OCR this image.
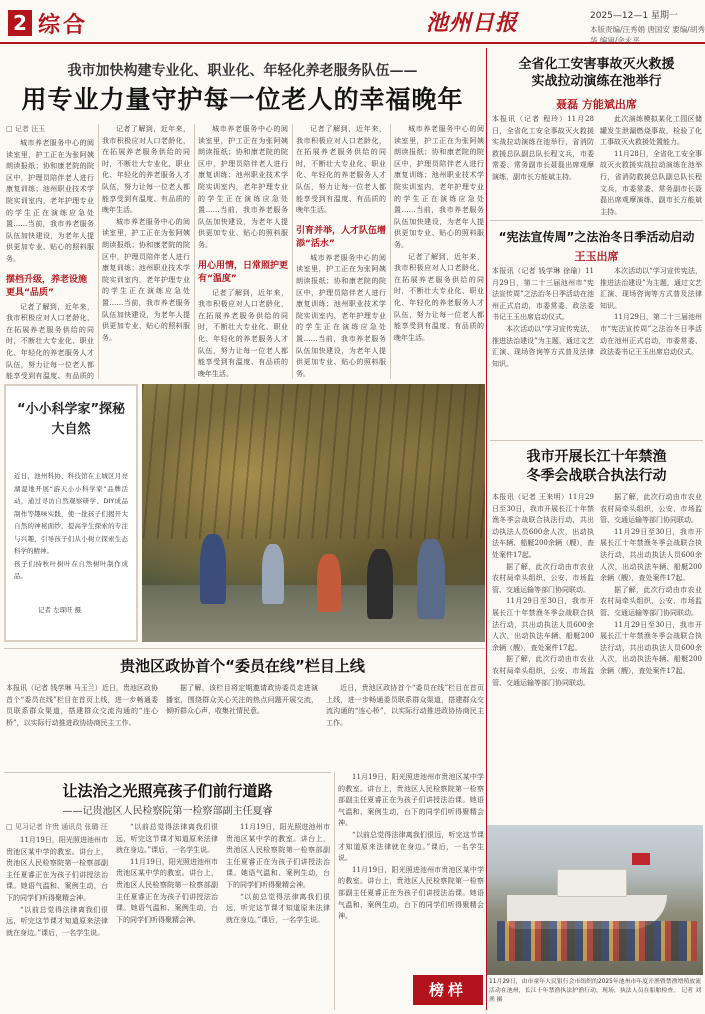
2 综合	池州日报	2025—12—1 星期一
本版责编/汪秀娟 唐国安 要编/胡秀华 编审/余永平
我市加快构建专业化、职业化、年轻化养老服务队伍——
用专业力量守护每一位老人的幸福晚年
□ 记者 汪玉

城市养老服务中心的阅读室里，护工正在为张阿姨朗读报纸；协和康老院的院区中，护理员陪伴老人进行康复训练；池州职业技术学院实训室内，老年护理专业的学生正在演练应急处置……当前，我市养老服务队伍加快建设，为老年人提供更加专业、贴心的照料服务。

摆档升级，养老设施更具“品质”

记者了解到，近年来，我市积极应对人口老龄化，在拓展养老服务供给的同时，不断壮大专业化、职业化、年轻化的养老服务人才队伍，努力让每一位老人都能享受到有温度、有品质的

记者了解到，近年来，我市积极应对人口老龄化，在拓展养老服务供给的同时，不断壮大专业化、职业化、年轻化的养老服务人才队伍，努力让每一位老人都能享受到有温度、有品质的晚年生活。

城市养老服务中心的阅读室里，护工正在为张阿姨朗读报纸；协和康老院的院区中，护理员陪伴老人进行康复训练；池州职业技术学院实训室内，老年护理专业的学生正在演练应急处置……当前，我市养老服务队伍加快建设，为老年人提供更加专业、贴心的照料服务。

城市养老服务中心的阅读室里，护工正在为张阿姨朗读报纸；协和康老院的院区中，护理员陪伴老人进行康复训练；池州职业技术学院实训室内，老年护理专业的学生正在演练应急处置……当前，我市养老服务队伍加快建设，为老年人提供更加专业、贴心的照料服务。

用心用情，日常照护更有“温度”

记者了解到，近年来，我市积极应对人口老龄化，在拓展养老服务供给的同时，不断壮大专业化、职业化、年轻化的养老服务人才队伍，努力让每一位老人都能享受到有温度、有品质的晚年生活。

记者了解到，近年来，我市积极应对人口老龄化，在拓展养老服务供给的同时，不断壮大专业化、职业化、年轻化的养老服务人才队伍，努力让每一位老人都能享受到有温度、有品质的晚年生活。

引育并举，人才队伍增添“活水”

城市养老服务中心的阅读室里，护工正在为张阿姨朗读报纸；协和康老院的院区中，护理员陪伴老人进行康复训练；池州职业技术学院实训室内，老年护理专业的学生正在演练应急处置……当前，我市养老服务队伍加快建设，为老年人提供更加专业、贴心的照料服务。

城市养老服务中心的阅读室里，护工正在为张阿姨朗读报纸；协和康老院的院区中，护理员陪伴老人进行康复训练；池州职业技术学院实训室内，老年护理专业的学生正在演练应急处置……当前，我市养老服务队伍加快建设，为老年人提供更加专业、贴心的照料服务。

记者了解到，近年来，我市积极应对人口老龄化，在拓展养老服务供给的同时，不断壮大专业化、职业化、年轻化的养老服务人才队伍，努力让每一位老人都能享受到有温度、有品质的晚年生活。

“小小科学家”探秘大自然
近日，池州科协、科技馆在主城区月亮湖湿地开展“游天小小科学家”品牌活动，通过寻访自然观察研学、DIY成品制作等趣味实践，使一批孩子们揭开大自然的神秘面纱，提高学生探索的专注与兴趣，引导孩子们从小树立探索生态科学的精神。
孩子们持秋叶树叶在自然树叶制作成品。
记者 左琛旺 摄
贵池区政协首个“委员在线”栏目上线

本报讯（记者 钱学琳 马玉兰）近日，贵池区政协首个“委员在线”栏目在首页上线，进一步畅通委员联系群众渠道，搭建群众交流沟通的“连心桥”，以实际行动推进政协协商民主工作。

据了解，该栏目将定期邀请政协委员走进演播室，围绕群众关心关注的热点问题开展交流，倾听群众心声，收集社情民意。

近日，贵池区政协首个“委员在线”栏目在首页上线，进一步畅通委员联系群众渠道，搭建群众交流沟通的“连心桥”，以实际行动推进政协协商民主工作。

让法治之光照亮孩子们前行道路
——记贵池区人民检察院第一检察部副主任夏睿
□ 见习记者 许贵 通讯员 张璐 汪

11月19日，阳光照进池州市贵池区某中学的教室。讲台上，贵池区人民检察院第一检察部副主任夏睿正在为孩子们讲授法治课。她语气温和、案例生动，台下的同学们听得聚精会神。

“以前总觉得法律离我们很远，听完这节课才知道原来法律就在身边。”课后，一名学生说。

“以前总觉得法律离我们很远，听完这节课才知道原来法律就在身边。”课后，一名学生说。

11月19日，阳光照进池州市贵池区某中学的教室。讲台上，贵池区人民检察院第一检察部副主任夏睿正在为孩子们讲授法治课。她语气温和、案例生动，台下的同学们听得聚精会神。

11月19日，阳光照进池州市贵池区某中学的教室。讲台上，贵池区人民检察院第一检察部副主任夏睿正在为孩子们讲授法治课。她语气温和、案例生动，台下的同学们听得聚精会神。

“以前总觉得法律离我们很远，听完这节课才知道原来法律就在身边。”课后，一名学生说。

11月19日，阳光照进池州市贵池区某中学的教室。讲台上，贵池区人民检察院第一检察部副主任夏睿正在为孩子们讲授法治课。她语气温和、案例生动，台下的同学们听得聚精会神。

“以前总觉得法律离我们很远，听完这节课才知道原来法律就在身边。”课后，一名学生说。

11月19日，阳光照进池州市贵池区某中学的教室。讲台上，贵池区人民检察院第一检察部副主任夏睿正在为孩子们讲授法治课。她语气温和、案例生动，台下的同学们听得聚精会神。

榜样
全省化工安害事故灭火救援
实战拉动演练在池举行
聂磊 方能斌出席

本报讯（记者 程玲）11月28日，全省化工安全事故灭火救援实战拉动演练在池举行，省消防救援总队副总队长程文兵，市委常委、常务副市长聂磊出席观摩演练，副市长方能斌主持。

此次演练模拟某化工园区储罐发生泄漏燃烧事故，检验了化工事故灭火救援处置能力。

11月28日，全省化工安全事故灭火救援实战拉动演练在池举行，省消防救援总队副总队长程文兵，市委常委、常务副市长聂磊出席观摩演练，副市长方能斌主持。

“宪法宣传周”之法治冬日季活动启动
王玉出席

本报讯（记者 钱学琳 徐瑜）11月29日，第二十三届池州市“宪法宣传周”之法治冬日季活动在池州正式启动，市委常委、政法委书记王玉出席启动仪式。

本次活动以“学习宣传宪法，推进法治建设”为主题，通过文艺汇演、现场咨询等方式普及法律知识。

本次活动以“学习宣传宪法，推进法治建设”为主题，通过文艺汇演、现场咨询等方式普及法律知识。

11月29日，第二十三届池州市“宪法宣传周”之法治冬日季活动在池州正式启动，市委常委、政法委书记王玉出席启动仪式。

我市开展长江十年禁渔
冬季会战联合执法行动

本报讯（记者 王来明）11月29日至30日，我市开展长江十年禁渔冬季会战联合执法行动，共出动执法人员600余人次，出动执法车辆、船艇200余辆（艘），查处案件17起。

据了解，此次行动由市农业农村局牵头组织，公安、市场监管、交通运输等部门协同联动。

11月29日至30日，我市开展长江十年禁渔冬季会战联合执法行动，共出动执法人员600余人次，出动执法车辆、船艇200余辆（艘），查处案件17起。

据了解，此次行动由市农业农村局牵头组织，公安、市场监管、交通运输等部门协同联动。

据了解，此次行动由市农业农村局牵头组织，公安、市场监管、交通运输等部门协同联动。

11月29日至30日，我市开展长江十年禁渔冬季会战联合执法行动，共出动执法人员600余人次，出动执法车辆、船艇200余辆（艘），查处案件17起。

据了解，此次行动由市农业农村局牵头组织，公安、市场监管、交通运输等部门协同联动。

11月29日至30日，我市开展长江十年禁渔冬季会战联合执法行动，共出动执法人员600余人次，出动执法车辆、船艇200余辆（艘），查处案件17起。

11月29日，由市童年人民银行会市组织的2025年池州市年度开渔暨禁渔增殖放流活动在池州，长江十年禁渔执法护渔行动，现场，执法人员在船舶检查。 记者 刘渔 摄
